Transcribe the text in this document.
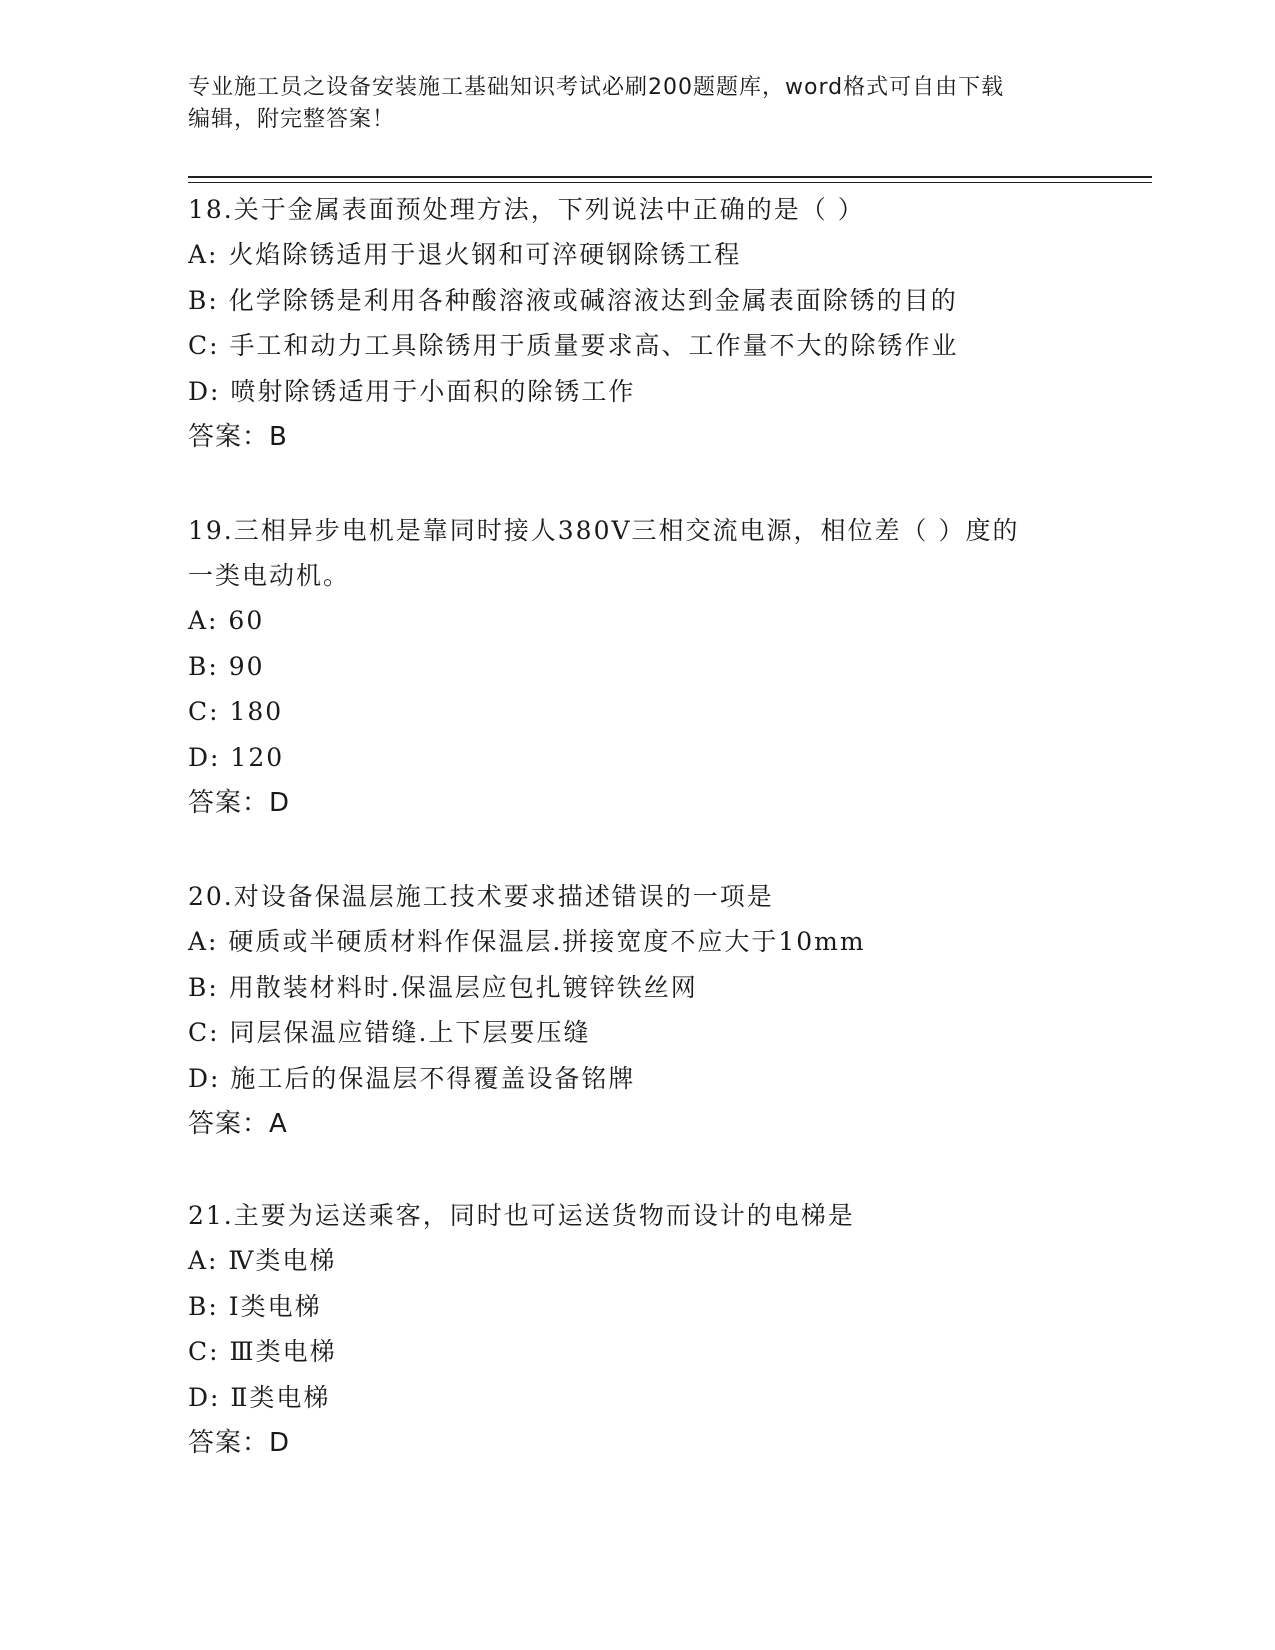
专业施工员之设备安装施工基础知识考试必刷200题题库，word格式可自由下载
编辑，附完整答案！

18.关于金属表面预处理方法，下列说法中正确的是（ ）

A: 火焰除锈适用于退火钢和可淬硬钢除锈工程

B: 化学除锈是利用各种酸溶液或碱溶液达到金属表面除锈的目的

C: 手工和动力工具除锈用于质量要求高、工作量不大的除锈作业

D: 喷射除锈适用于小面积的除锈工作

答案：B

19.三相异步电机是靠同时接人380V三相交流电源，相位差（ ）度的

一类电动机。

A: 60

B: 90

C: 180

D: 120

答案：D

20.对设备保温层施工技术要求描述错误的一项是

A: 硬质或半硬质材料作保温层.拼接宽度不应大于10mm

B: 用散装材料时.保温层应包扎镀锌铁丝网

C: 同层保温应错缝.上下层要压缝

D: 施工后的保温层不得覆盖设备铭牌

答案：A

21.主要为运送乘客，同时也可运送货物而设计的电梯是

A: Ⅳ类电梯

B: Ⅰ类电梯

C: Ⅲ类电梯

D: Ⅱ类电梯

答案：D
